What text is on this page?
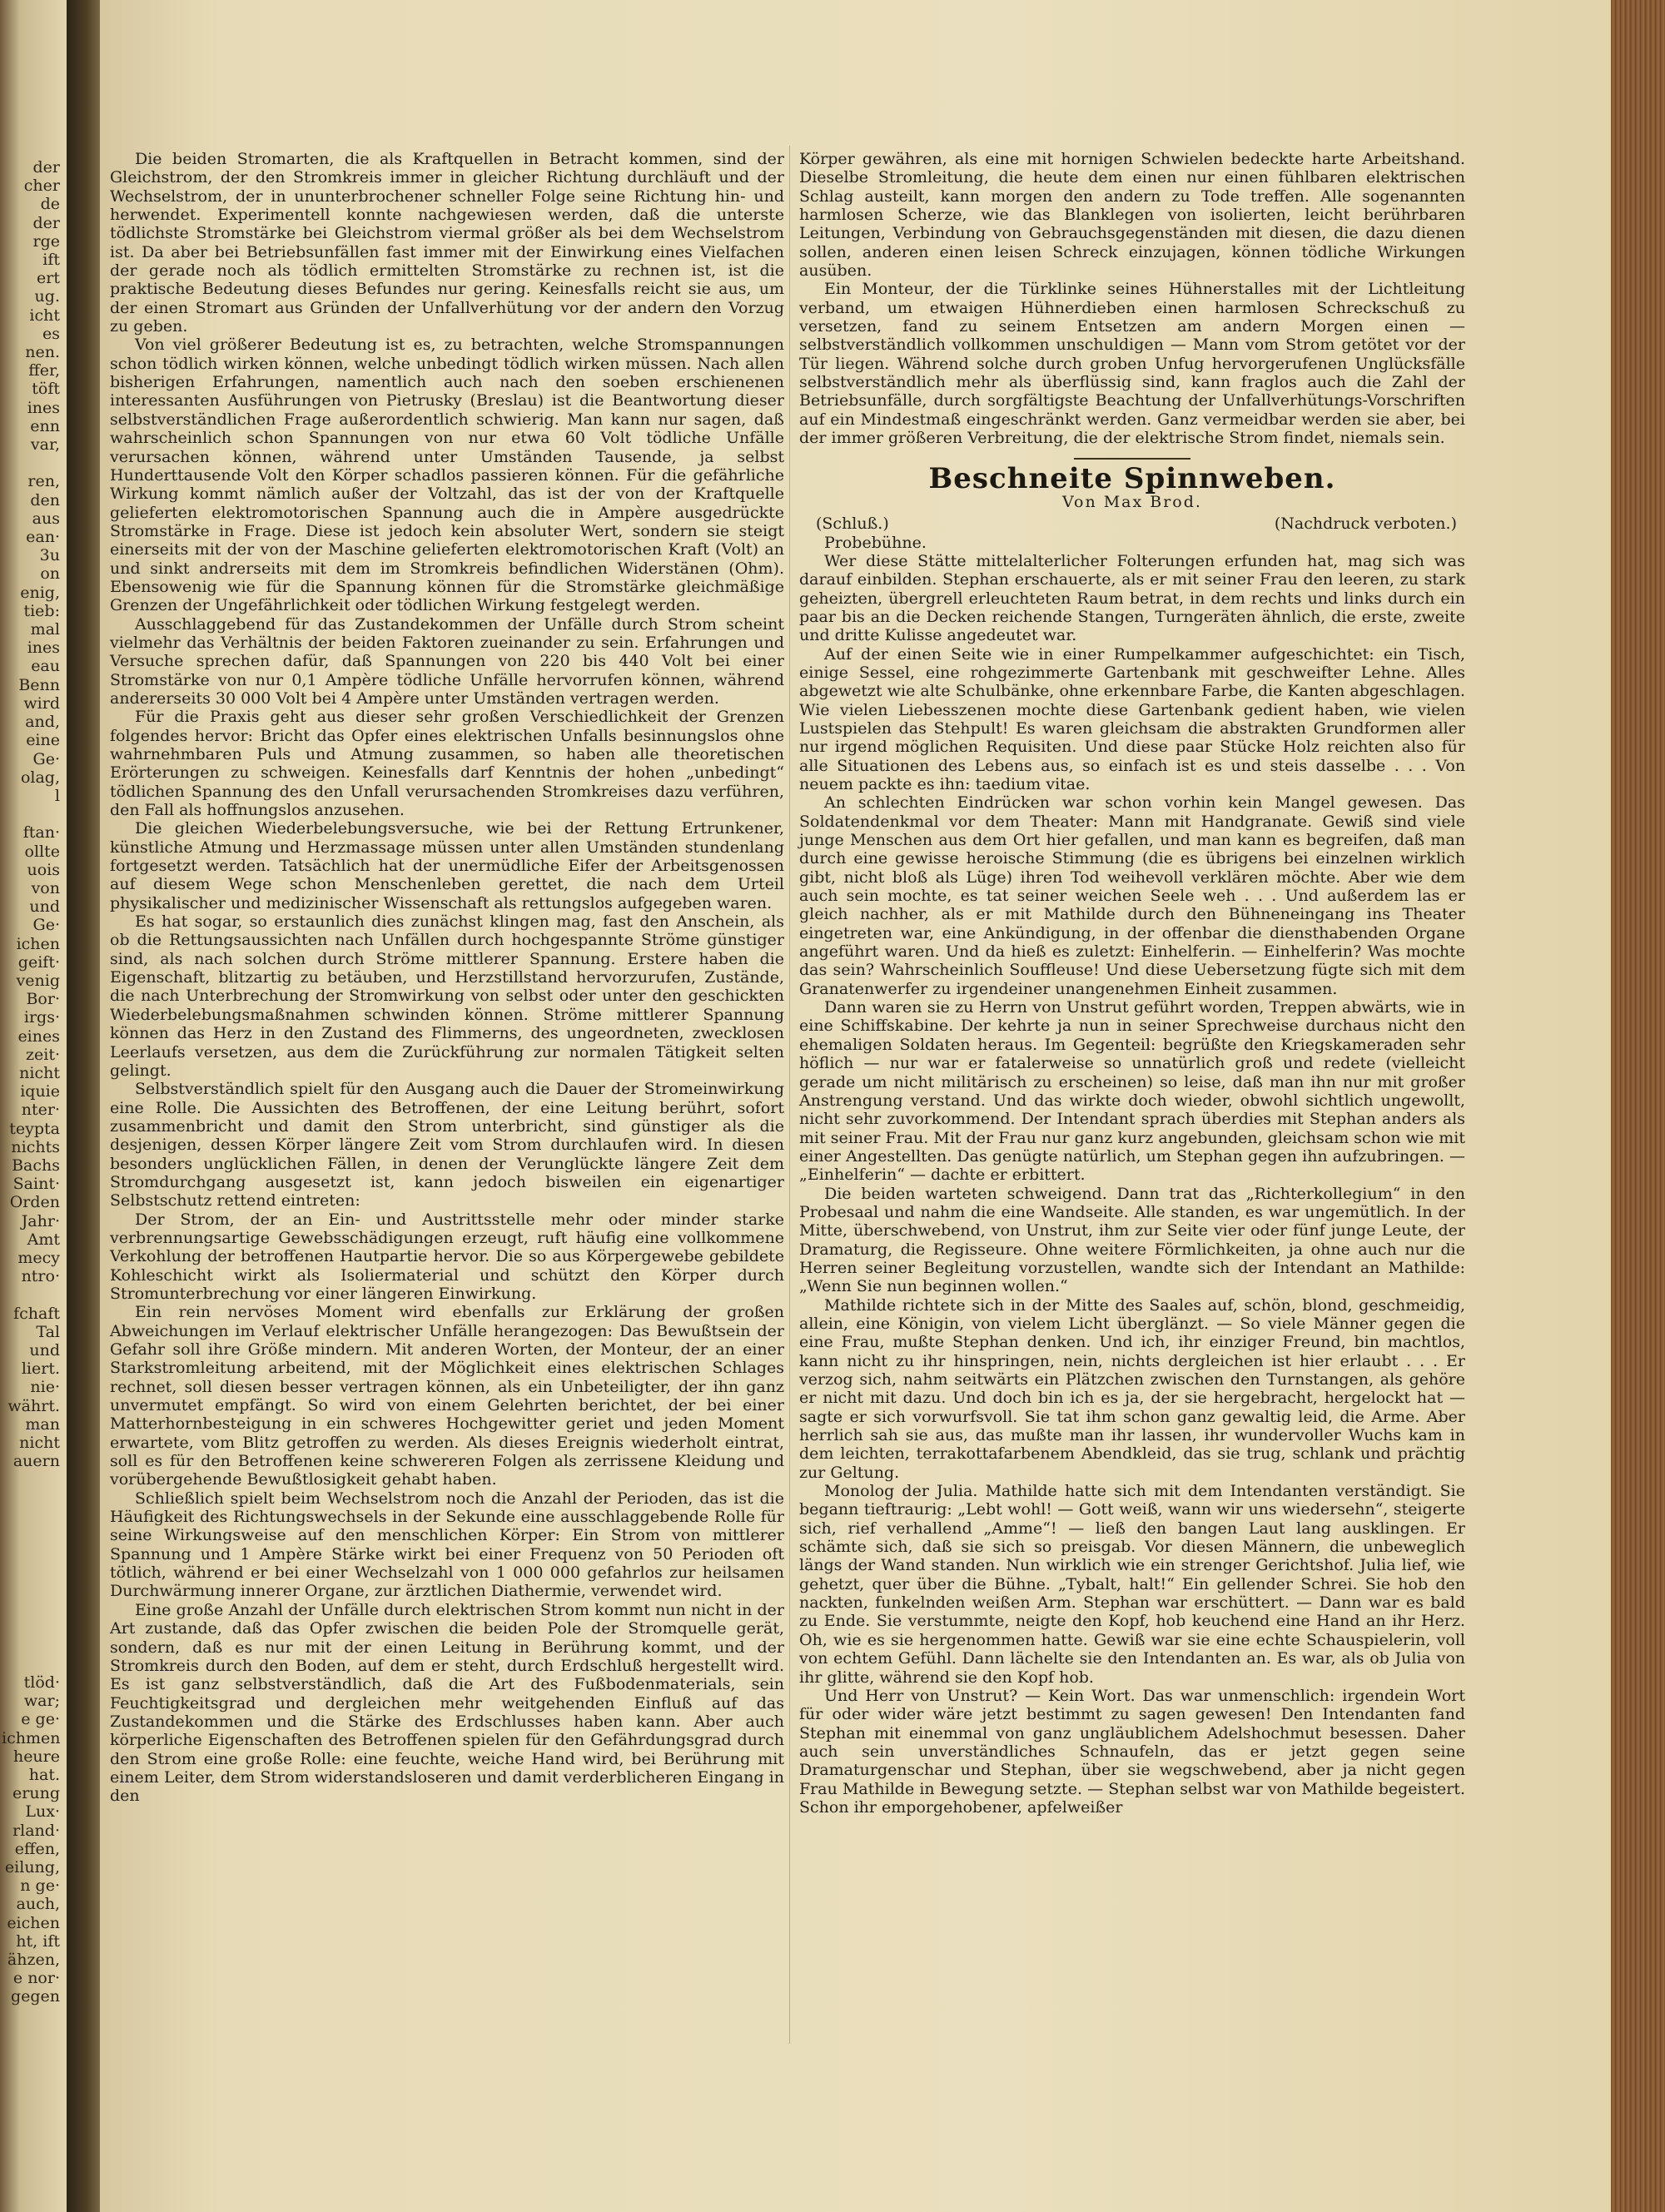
der
cher
de
der
rge
ift
ert
ug.
icht
es
nen.
ffer,
töft
ines
enn
var,

ren,
den
aus
ean·
3u
on
enig,
tieb:
mal
ines
eau
Benn
wird
and,
eine
Ge·
olag,
l

ftan·
ollte
uois
von
und
Ge·
ichen
geift·
venig
Bor·
irgs·
eines
zeit·
nicht
iquie
nter·
teypta
nichts
Bachs
Saint·
Orden
Jahr·
Amt
mecy
ntro·

fchaft
Tal
und
liert.
nie·
währt.
man
nicht
auern
tlöd·
war;
e ge·
ichmen
heure
hat.
erung
Lux·
rland·
effen,
eilung,
n ge·
auch,
eichen
ht, ift
ähzen,
e nor·
gegen

Die beiden Stromarten, die als Kraftquellen in Betracht kommen, sind der Gleichstrom, der den Stromkreis immer in gleicher Richtung durchläuft und der Wechselstrom, der in ununterbrochener schneller Folge seine Richtung hin- und herwendet. Experimentell konnte nachgewiesen werden, daß die unterste tödlichste Stromstärke bei Gleichstrom viermal größer als bei dem Wechselstrom ist. Da aber bei Betriebsunfällen fast immer mit der Einwirkung eines Vielfachen der gerade noch als tödlich ermittelten Stromstärke zu rechnen ist, ist die praktische Bedeutung dieses Befundes nur gering. Keinesfalls reicht sie aus, um der einen Stromart aus Gründen der Unfallverhütung vor der andern den Vorzug zu geben.

Von viel größerer Bedeutung ist es, zu betrachten, welche Stromspannungen schon tödlich wirken können, welche unbedingt tödlich wirken müssen. Nach allen bisherigen Erfahrungen, namentlich auch nach den soeben erschienenen interessanten Ausführungen von Pietrusky (Breslau) ist die Beantwortung dieser selbstverständlichen Frage außerordentlich schwierig. Man kann nur sagen, daß wahrscheinlich schon Spannungen von nur etwa 60 Volt tödliche Unfälle verursachen können, während unter Umständen Tausende, ja selbst Hunderttausende Volt den Körper schadlos passieren können. Für die gefährliche Wirkung kommt nämlich außer der Voltzahl, das ist der von der Kraftquelle gelieferten elektromotorischen Spannung auch die in Ampère ausgedrückte Stromstärke in Frage. Diese ist jedoch kein absoluter Wert, sondern sie steigt einerseits mit der von der Maschine gelieferten elektromotorischen Kraft (Volt) an und sinkt andrerseits mit dem im Stromkreis befindlichen Widerstänen (Ohm). Ebensowenig wie für die Spannung können für die Stromstärke gleichmäßige Grenzen der Ungefährlichkeit oder tödlichen Wirkung festgelegt werden.

Ausschlaggebend für das Zustandekommen der Unfälle durch Strom scheint vielmehr das Verhältnis der beiden Faktoren zueinander zu sein. Erfahrungen und Versuche sprechen dafür, daß Spannungen von 220 bis 440 Volt bei einer Stromstärke von nur 0,1 Ampère tödliche Unfälle hervorrufen können, während andererseits 30 000 Volt bei 4 Ampère unter Umständen vertragen werden.

Für die Praxis geht aus dieser sehr großen Verschiedlichkeit der Grenzen folgendes hervor: Bricht das Opfer eines elektrischen Unfalls besinnungslos ohne wahrnehmbaren Puls und Atmung zusammen, so haben alle theoretischen Erörterungen zu schweigen. Keinesfalls darf Kenntnis der hohen „unbedingt“ tödlichen Spannung des den Unfall verursachenden Stromkreises dazu verführen, den Fall als hoffnungslos anzusehen.

Die gleichen Wiederbelebungsversuche, wie bei der Rettung Ertrunkener, künstliche Atmung und Herzmassage müssen unter allen Umständen stundenlang fortgesetzt werden. Tatsächlich hat der unermüdliche Eifer der Arbeitsgenossen auf diesem Wege schon Menschenleben gerettet, die nach dem Urteil physikalischer und medizinischer Wissenschaft als rettungslos aufgegeben waren.

Es hat sogar, so erstaunlich dies zunächst klingen mag, fast den Anschein, als ob die Rettungsaussichten nach Unfällen durch hochgespannte Ströme günstiger sind, als nach solchen durch Ströme mittlerer Spannung. Erstere haben die Eigenschaft, blitzartig zu betäuben, und Herzstillstand hervorzurufen, Zustände, die nach Unterbrechung der Stromwirkung von selbst oder unter den geschickten Wiederbelebungsmaßnahmen schwinden können. Ströme mittlerer Spannung können das Herz in den Zustand des Flimmerns, des ungeordneten, zwecklosen Leerlaufs versetzen, aus dem die Zurückführung zur normalen Tätigkeit selten gelingt.

Selbstverständlich spielt für den Ausgang auch die Dauer der Stromeinwirkung eine Rolle. Die Aussichten des Betroffenen, der eine Leitung berührt, sofort zusammenbricht und damit den Strom unterbricht, sind günstiger als die desjenigen, dessen Körper längere Zeit vom Strom durchlaufen wird. In diesen besonders unglücklichen Fällen, in denen der Verunglückte längere Zeit dem Stromdurchgang ausgesetzt ist, kann jedoch bisweilen ein eigenartiger Selbstschutz rettend eintreten:

Der Strom, der an Ein- und Austrittsstelle mehr oder minder starke verbrennungsartige Gewebsschädigungen erzeugt, ruft häufig eine vollkommene Verkohlung der betroffenen Hautpartie hervor. Die so aus Körpergewebe gebildete Kohleschicht wirkt als Isoliermaterial und schützt den Körper durch Stromunterbrechung vor einer längeren Einwirkung.

Ein rein nervöses Moment wird ebenfalls zur Erklärung der großen Abweichungen im Verlauf elektrischer Unfälle herangezogen: Das Bewußtsein der Gefahr soll ihre Größe mindern. Mit anderen Worten, der Monteur, der an einer Starkstromleitung arbeitend, mit der Möglichkeit eines elektrischen Schlages rechnet, soll diesen besser vertragen können, als ein Unbeteiligter, der ihn ganz unvermutet empfängt. So wird von einem Gelehrten berichtet, der bei einer Matterhornbesteigung in ein schweres Hochgewitter geriet und jeden Moment erwartete, vom Blitz getroffen zu werden. Als dieses Ereignis wiederholt eintrat, soll es für den Betroffenen keine schwereren Folgen als zerrissene Kleidung und vorübergehende Bewußtlosigkeit gehabt haben.

Schließlich spielt beim Wechselstrom noch die Anzahl der Perioden, das ist die Häufigkeit des Richtungswechsels in der Sekunde eine ausschlaggebende Rolle für seine Wirkungsweise auf den menschlichen Körper: Ein Strom von mittlerer Spannung und 1 Ampère Stärke wirkt bei einer Frequenz von 50 Perioden oft tötlich, während er bei einer Wechselzahl von 1 000 000 gefahrlos zur heilsamen Durchwärmung innerer Organe, zur ärztlichen Diathermie, verwendet wird.

Eine große Anzahl der Unfälle durch elektrischen Strom kommt nun nicht in der Art zustande, daß das Opfer zwischen die beiden Pole der Stromquelle gerät, sondern, daß es nur mit der einen Leitung in Berührung kommt, und der Stromkreis durch den Boden, auf dem er steht, durch Erdschluß hergestellt wird. Es ist ganz selbstverständlich, daß die Art des Fußbodenmaterials, sein Feuchtigkeitsgrad und dergleichen mehr weitgehenden Einfluß auf das Zustandekommen und die Stärke des Erdschlusses haben kann. Aber auch körperliche Eigenschaften des Betroffenen spielen für den Gefährdungsgrad durch den Strom eine große Rolle: eine feuchte, weiche Hand wird, bei Berührung mit einem Leiter, dem Strom widerstandsloseren und damit verderblicheren Eingang in den

Körper gewähren, als eine mit hornigen Schwielen bedeckte harte Arbeitshand. Dieselbe Stromleitung, die heute dem einen nur einen fühlbaren elektrischen Schlag austeilt, kann morgen den andern zu Tode treffen. Alle sogenannten harmlosen Scherze, wie das Blanklegen von isolierten, leicht berührbaren Leitungen, Verbindung von Gebrauchsgegenständen mit diesen, die dazu dienen sollen, anderen einen leisen Schreck einzujagen, können tödliche Wirkungen ausüben.

Ein Monteur, der die Türklinke seines Hühnerstalles mit der Lichtleitung verband, um etwaigen Hühnerdieben einen harmlosen Schreckschuß zu versetzen, fand zu seinem Entsetzen am andern Morgen einen — selbstverständlich vollkommen unschuldigen — Mann vom Strom getötet vor der Tür liegen. Während solche durch groben Unfug hervorgerufenen Unglücksfälle selbstverständlich mehr als überflüssig sind, kann fraglos auch die Zahl der Betriebsunfälle, durch sorgfältigste Beachtung der Unfallverhütungs-Vorschriften auf ein Mindestmaß eingeschränkt werden. Ganz vermeidbar werden sie aber, bei der immer größeren Verbreitung, die der elektrische Strom findet, niemals sein.

Beschneite Spinnweben.
Von Max Brod.
(Schluß.)	(Nachdruck verboten.)

Probebühne.

Wer diese Stätte mittelalterlicher Folterungen erfunden hat, mag sich was darauf einbilden. Stephan erschauerte, als er mit seiner Frau den leeren, zu stark geheizten, übergrell erleuchteten Raum betrat, in dem rechts und links durch ein paar bis an die Decken reichende Stangen, Turngeräten ähnlich, die erste, zweite und dritte Kulisse angedeutet war.

Auf der einen Seite wie in einer Rumpelkammer aufgeschichtet: ein Tisch, einige Sessel, eine rohgezimmerte Gartenbank mit geschweifter Lehne. Alles abgewetzt wie alte Schulbänke, ohne erkennbare Farbe, die Kanten abgeschlagen. Wie vielen Liebesszenen mochte diese Gartenbank gedient haben, wie vielen Lustspielen das Stehpult! Es waren gleichsam die abstrakten Grundformen aller nur irgend möglichen Requisiten. Und diese paar Stücke Holz reichten also für alle Situationen des Lebens aus, so einfach ist es und steis dasselbe . . . Von neuem packte es ihn: taedium vitae.

An schlechten Eindrücken war schon vorhin kein Mangel gewesen. Das Soldatendenkmal vor dem Theater: Mann mit Handgranate. Gewiß sind viele junge Menschen aus dem Ort hier gefallen, und man kann es begreifen, daß man durch eine gewisse heroische Stimmung (die es übrigens bei einzelnen wirklich gibt, nicht bloß als Lüge) ihren Tod weihevoll verklären möchte. Aber wie dem auch sein mochte, es tat seiner weichen Seele weh . . . Und außerdem las er gleich nachher, als er mit Mathilde durch den Bühneneingang ins Theater eingetreten war, eine Ankündigung, in der offenbar die diensthabenden Organe angeführt waren. Und da hieß es zuletzt: Einhelferin. — Einhelferin? Was mochte das sein? Wahrscheinlich Souffleuse! Und diese Uebersetzung fügte sich mit dem Granatenwerfer zu irgendeiner unangenehmen Einheit zusammen.

Dann waren sie zu Herrn von Unstrut geführt worden, Treppen abwärts, wie in eine Schiffskabine. Der kehrte ja nun in seiner Sprechweise durchaus nicht den ehemaligen Soldaten heraus. Im Gegenteil: begrüßte den Kriegskameraden sehr höflich — nur war er fatalerweise so unnatürlich groß und redete (vielleicht gerade um nicht militärisch zu erscheinen) so leise, daß man ihn nur mit großer Anstrengung verstand. Und das wirkte doch wieder, obwohl sichtlich ungewollt, nicht sehr zuvorkommend. Der Intendant sprach überdies mit Stephan anders als mit seiner Frau. Mit der Frau nur ganz kurz angebunden, gleichsam schon wie mit einer Angestellten. Das genügte natürlich, um Stephan gegen ihn aufzubringen. — „Einhelferin“ — dachte er erbittert.

Die beiden warteten schweigend. Dann trat das „Richterkollegium“ in den Probesaal und nahm die eine Wandseite. Alle standen, es war ungemütlich. In der Mitte, überschwebend, von Unstrut, ihm zur Seite vier oder fünf junge Leute, der Dramaturg, die Regisseure. Ohne weitere Förmlichkeiten, ja ohne auch nur die Herren seiner Begleitung vorzustellen, wandte sich der Intendant an Mathilde: „Wenn Sie nun beginnen wollen.“

Mathilde richtete sich in der Mitte des Saales auf, schön, blond, geschmeidig, allein, eine Königin, von vielem Licht überglänzt. — So viele Männer gegen die eine Frau, mußte Stephan denken. Und ich, ihr einziger Freund, bin machtlos, kann nicht zu ihr hinspringen, nein, nichts dergleichen ist hier erlaubt . . . Er verzog sich, nahm seitwärts ein Plätzchen zwischen den Turnstangen, als gehöre er nicht mit dazu. Und doch bin ich es ja, der sie hergebracht, hergelockt hat — sagte er sich vorwurfsvoll. Sie tat ihm schon ganz gewaltig leid, die Arme. Aber herrlich sah sie aus, das mußte man ihr lassen, ihr wundervoller Wuchs kam in dem leichten, terrakottafarbenem Abendkleid, das sie trug, schlank und prächtig zur Geltung.

Monolog der Julia. Mathilde hatte sich mit dem Intendanten verständigt. Sie begann tieftraurig: „Lebt wohl! — Gott weiß, wann wir uns wiedersehn“, steigerte sich, rief verhallend „Amme“! — ließ den bangen Laut lang ausklingen. Er schämte sich, daß sie sich so preisgab. Vor diesen Männern, die unbeweglich längs der Wand standen. Nun wirklich wie ein strenger Gerichtshof. Julia lief, wie gehetzt, quer über die Bühne. „Tybalt, halt!“ Ein gellender Schrei. Sie hob den nackten, funkelnden weißen Arm. Stephan war erschüttert. — Dann war es bald zu Ende. Sie verstummte, neigte den Kopf, hob keuchend eine Hand an ihr Herz. Oh, wie es sie hergenommen hatte. Gewiß war sie eine echte Schauspielerin, voll von echtem Gefühl. Dann lächelte sie den Intendanten an. Es war, als ob Julia von ihr glitte, während sie den Kopf hob.

Und Herr von Unstrut? — Kein Wort. Das war unmenschlich: irgendein Wort für oder wider wäre jetzt bestimmt zu sagen gewesen! Den Intendanten fand Stephan mit einemmal von ganz ungläublichem Adelshochmut besessen. Daher auch sein unverständliches Schnaufeln, das er jetzt gegen seine Dramaturgenschar und Stephan, über sie wegschwebend, aber ja nicht gegen Frau Mathilde in Bewegung setzte. — Stephan selbst war von Mathilde begeistert. Schon ihr emporgehobener, apfelweißer
